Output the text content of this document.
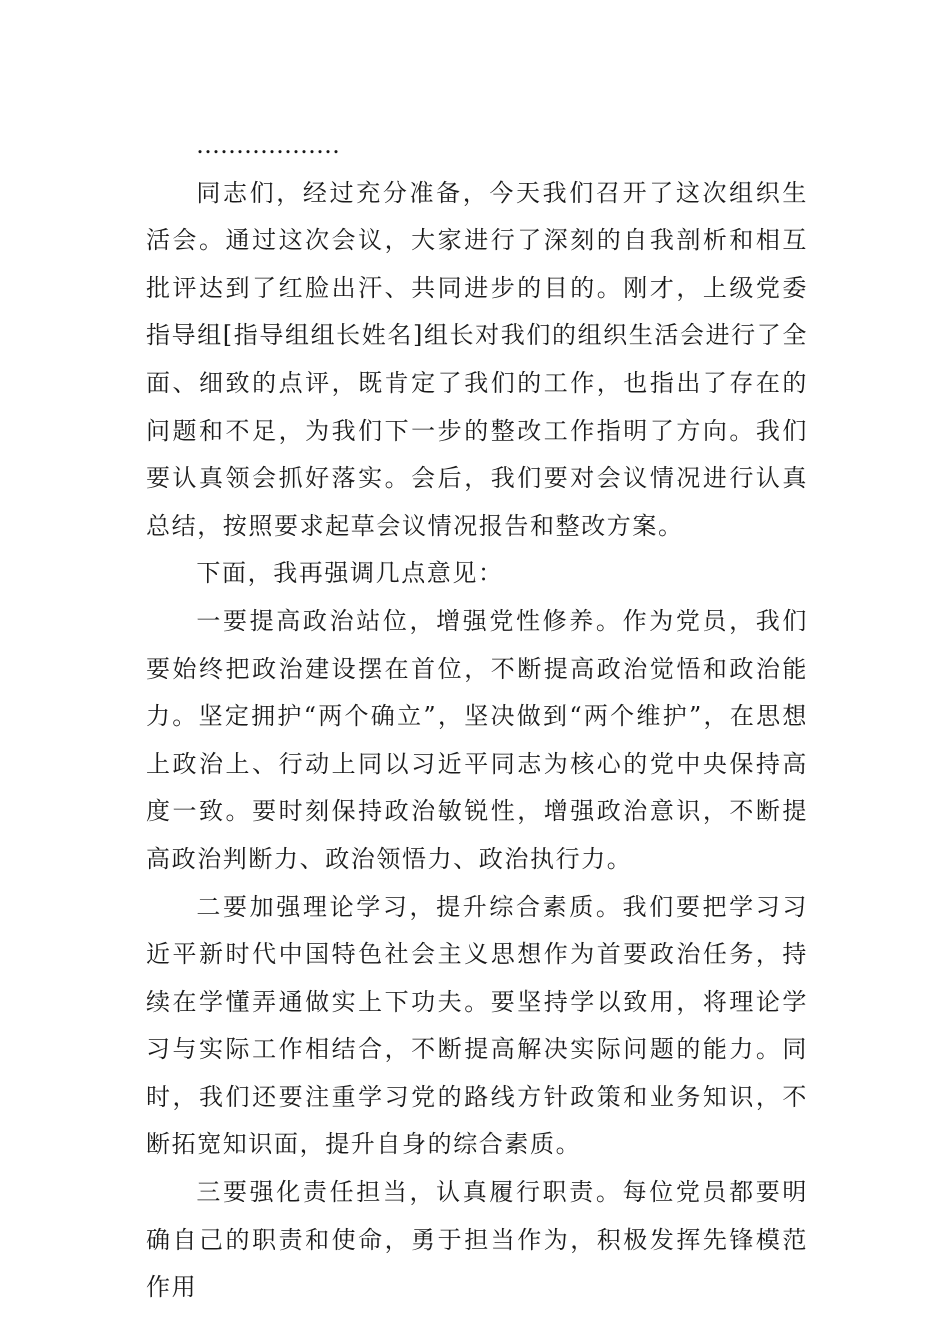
………………

同志们，经过充分准备，今天我们召开了这次组织生活会。通过这次会议，大家进行了深刻的自我剖析和相互批评达到了红脸出汗、共同进步的目的。刚才，上级党委指导组[指导组组长姓名]组长对我们的组织生活会进行了全面、细致的点评，既肯定了我们的工作，也指出了存在的问题和不足，为我们下一步的整改工作指明了方向。我们要认真领会抓好落实。会后，我们要对会议情况进行认真总结，按照要求起草会议情况报告和整改方案。

下面，我再强调几点意见：

一要提高政治站位，增强党性修养。作为党员，我们要始终把政治建设摆在首位，不断提高政治觉悟和政治能力。坚定拥护“两个确立”，坚决做到“两个维护”，在思想上政治上、行动上同以习近平同志为核心的党中央保持高度一致。要时刻保持政治敏锐性，增强政治意识，不断提高政治判断力、政治领悟力、政治执行力。

二要加强理论学习，提升综合素质。我们要把学习习近平新时代中国特色社会主义思想作为首要政治任务，持续在学懂弄通做实上下功夫。要坚持学以致用，将理论学习与实际工作相结合，不断提高解决实际问题的能力。同时，我们还要注重学习党的路线方针政策和业务知识，不断拓宽知识面，提升自身的综合素质。

三要强化责任担当，认真履行职责。每位党员都要明确自己的职责和使命，勇于担当作为，积极发挥先锋模范作用
